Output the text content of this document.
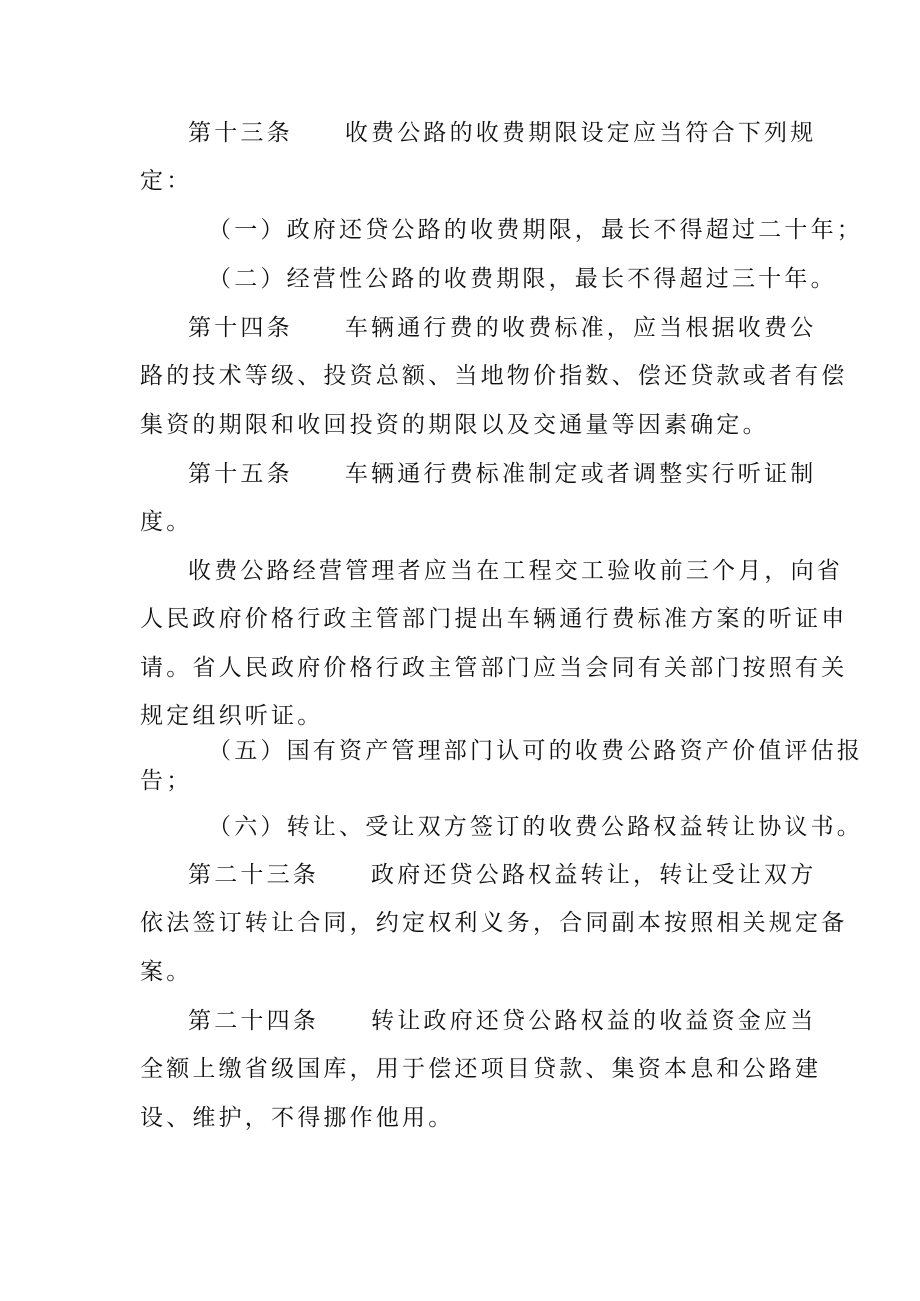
第十三条 收费公路的收费期限设定应当符合下列规
定：
（一）政府还贷公路的收费期限，最长不得超过二十年；
（二）经营性公路的收费期限，最长不得超过三十年。
第十四条 车辆通行费的收费标准，应当根据收费公
路的技术等级、投资总额、当地物价指数、偿还贷款或者有偿
集资的期限和收回投资的期限以及交通量等因素确定。
第十五条 车辆通行费标准制定或者调整实行听证制
度。
收费公路经营管理者应当在工程交工验收前三个月，向省
人民政府价格行政主管部门提出车辆通行费标准方案的听证申
请。省人民政府价格行政主管部门应当会同有关部门按照有关
规定组织听证。
（五）国有资产管理部门认可的收费公路资产价值评估报
告；
（六）转让、受让双方签订的收费公路权益转让协议书。
第二十三条 政府还贷公路权益转让，转让受让双方
依法签订转让合同，约定权利义务，合同副本按照相关规定备
案。
第二十四条 转让政府还贷公路权益的收益资金应当
全额上缴省级国库，用于偿还项目贷款、集资本息和公路建
设、维护，不得挪作他用。
